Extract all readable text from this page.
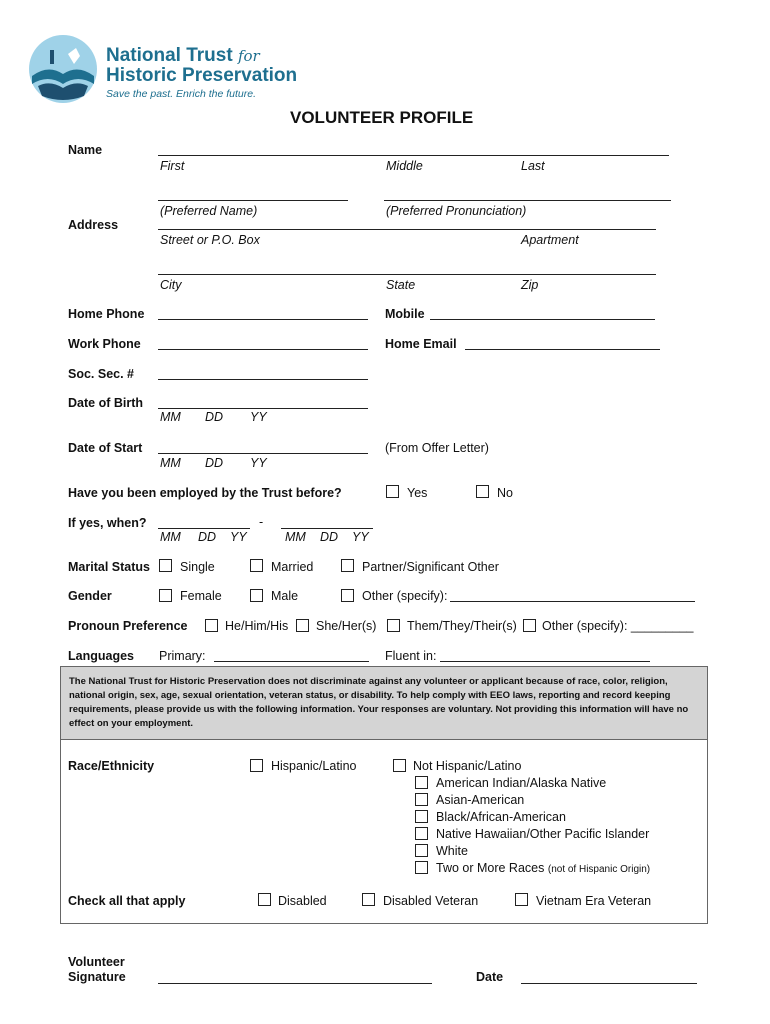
National Trust for
Historic Preservation
Save the past. Enrich the future.
VOLUNTEER PROFILE
Name
First	Middle	Last
(Preferred Name)	(Preferred Pronunciation)
Address
Street or P.O. Box	Apartment
City	State	Zip
Home Phone	Mobile
Work Phone	Home Email
Soc. Sec. #
Date of Birth
MM DD YY
Date of Start	(From Offer Letter)
MM DD YY
Have you been employed by the Trust before?	Yes	No
If yes, when?	-
MM DD YY	MM DD YY
Marital Status Single	Married	Partner/Significant Other
Gender	Female	Male	Other (specify):
Pronoun Preference	He/Him/His She/Her(s) Them/They/Their(s) Other (specify): _________
Languages Primary:	Fluent in:
The National Trust for Historic Preservation does not discriminate against any volunteer or applicant because of race, color, religion, national origin, sex, age, sexual orientation, veteran status, or disability. To help comply with EEO laws, reporting and record keeping requirements, please provide us with the following information. Your responses are voluntary. Not providing this information will have no effect on your employment.
Race/Ethnicity	Hispanic/Latino	Not Hispanic/Latino
American Indian/Alaska Native
Asian-American
Black/African-American
Native Hawaiian/Other Pacific Islander
White
Two or More Races (not of Hispanic Origin)
Check all that apply	Disabled	Disabled Veteran	Vietnam Era Veteran
Volunteer
Signature	Date
